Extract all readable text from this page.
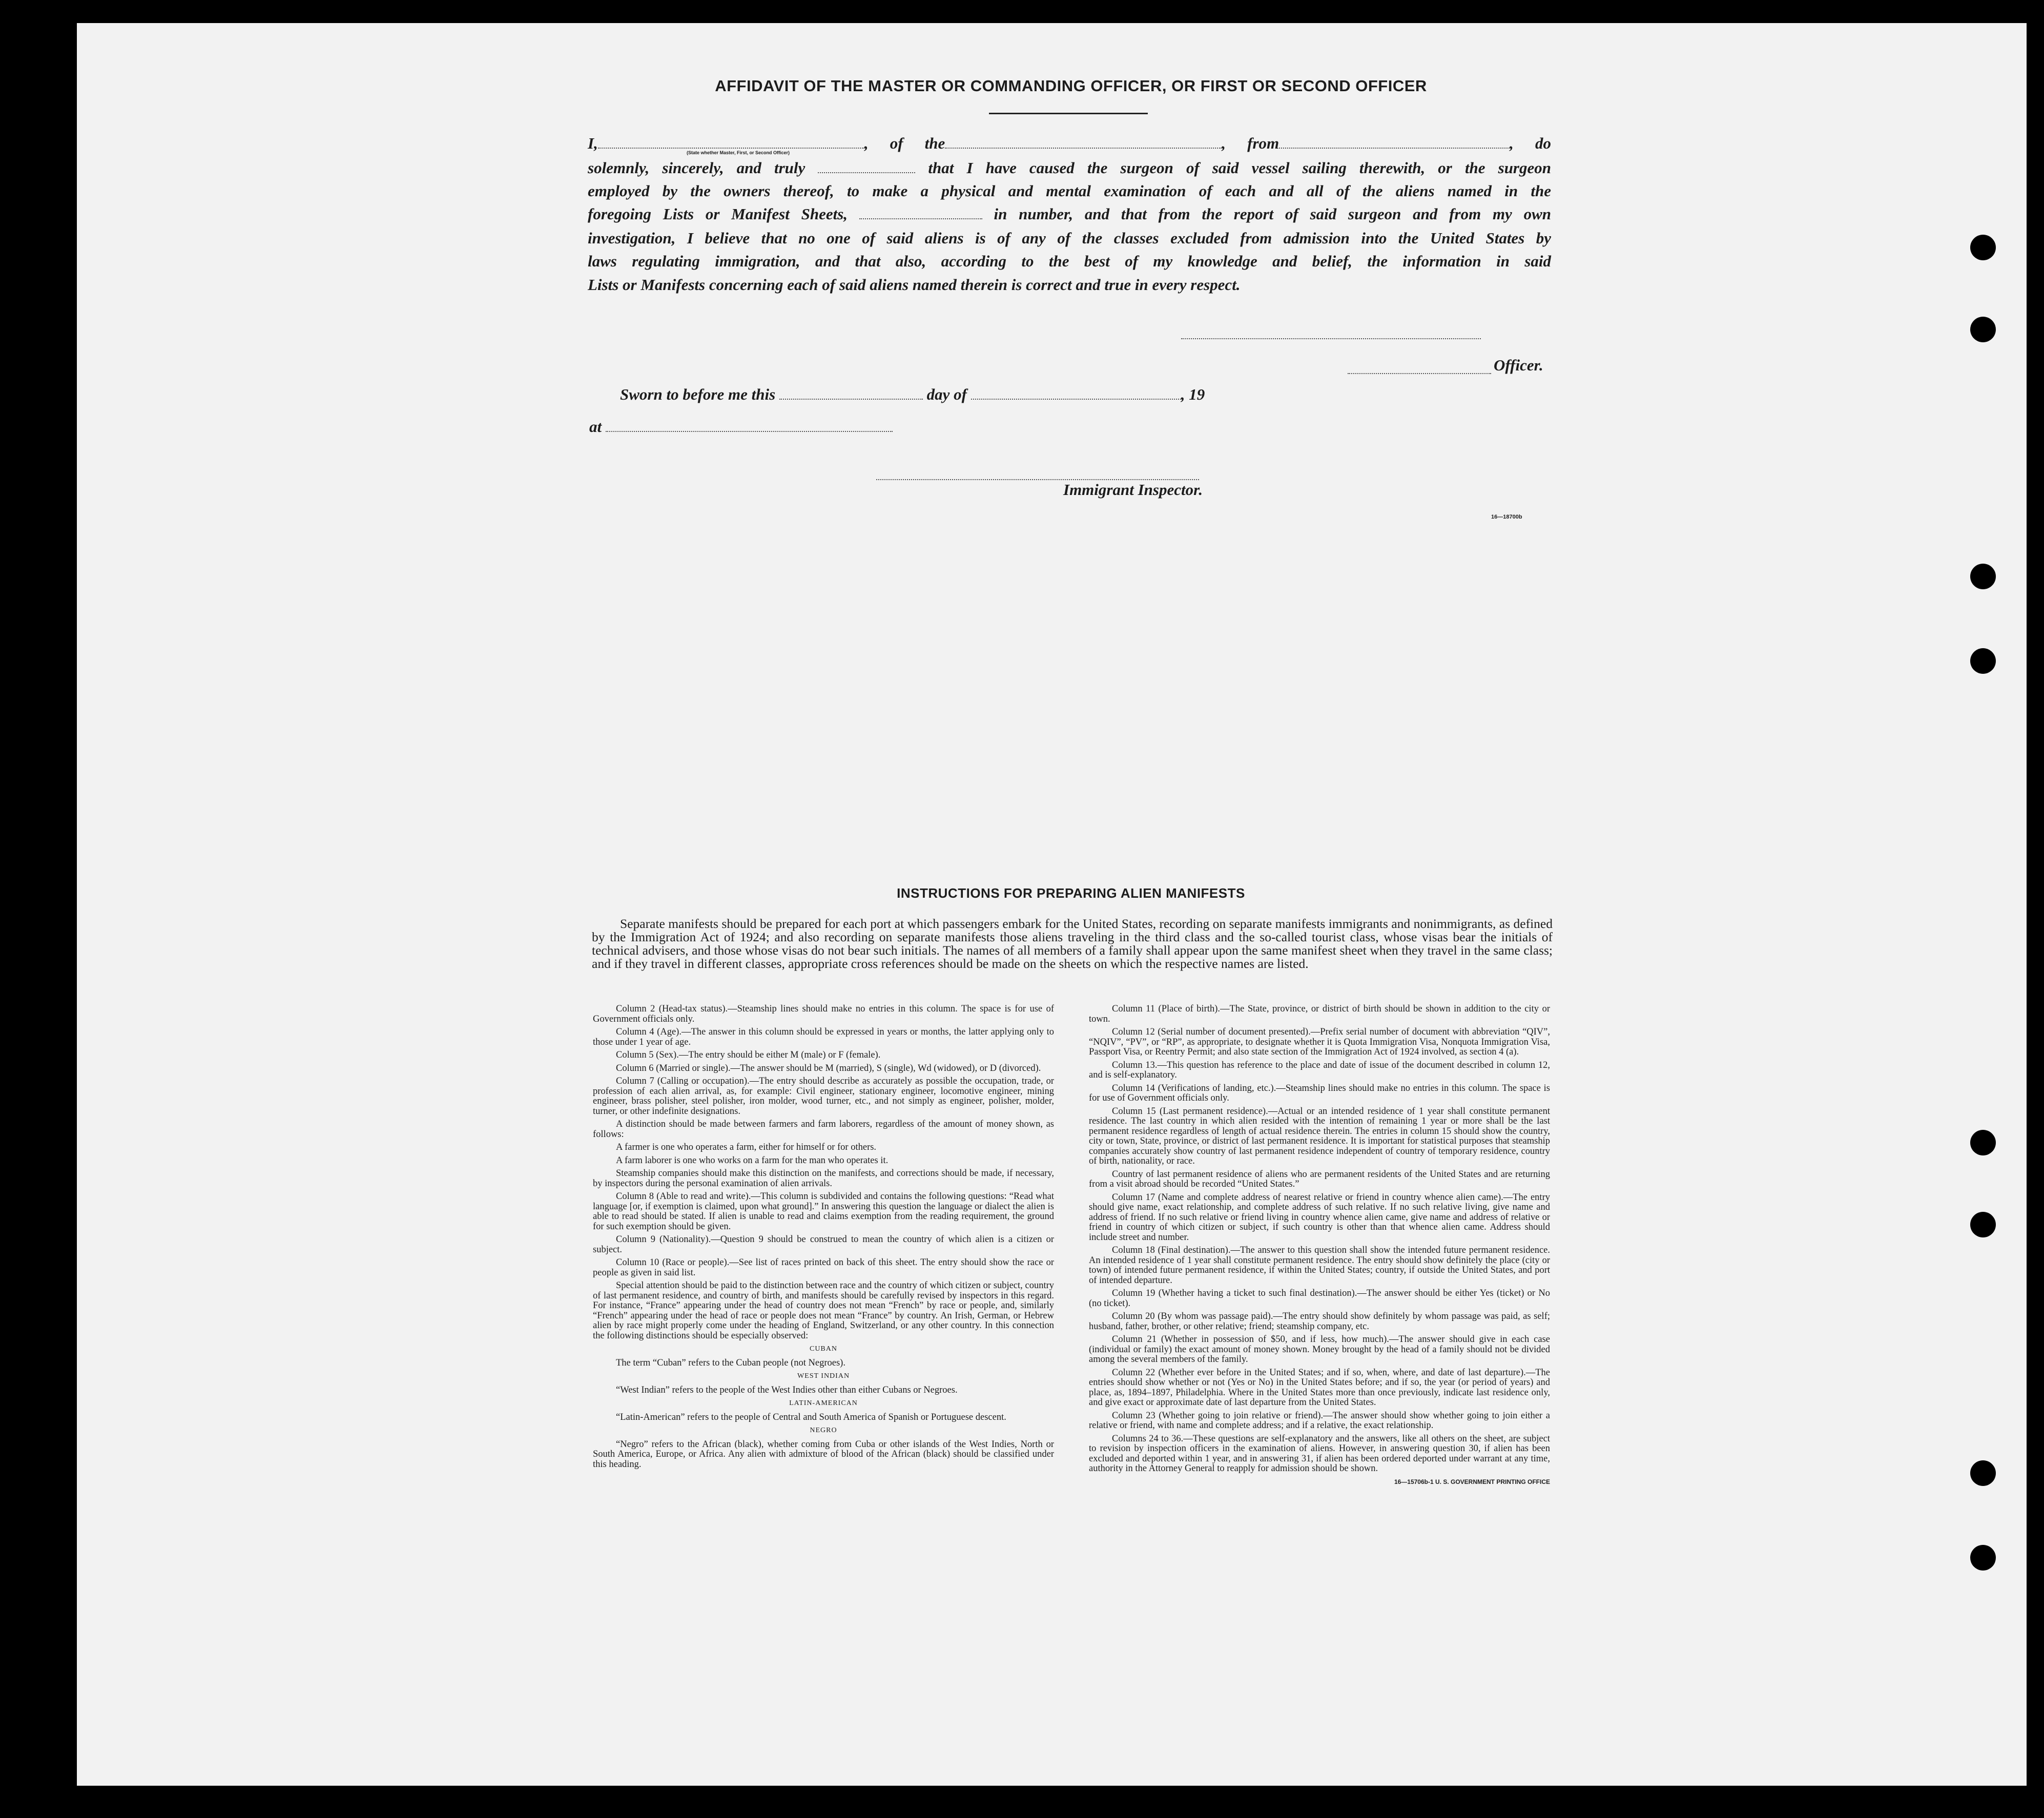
AFFIDAVIT OF THE MASTER OR COMMANDING OFFICER, OR FIRST OR SECOND OFFICER
I,	, of the	, from	, do
(State whether Master, First, or Second Officer)
solemnly, sincerely, and truly	that I have caused the surgeon of said vessel sailing therewith, or the surgeon
employed by the owners thereof, to make a physical and mental examination of each and all of the aliens named in the
foregoing Lists or Manifest Sheets,	in number, and that from the report of said surgeon and from my own
investigation, I believe that no one of said aliens is of any of the classes excluded from admission into the United States by
laws regulating immigration, and that also, according to the best of my knowledge and belief, the information in said
Lists or Manifests concerning each of said aliens named therein is correct and true in every respect.
Officer.
Sworn to before me this	day of	, 19
at
Immigrant Inspector.
16—18700b
INSTRUCTIONS FOR PREPARING ALIEN MANIFESTS

Separate manifests should be prepared for each port at which passengers embark for the United States, recording on separate manifests immigrants and nonimmigrants, as defined by the Immigration Act of 1924; and also recording on separate manifests those aliens traveling in the third class and the so-called tourist class, whose visas bear the initials of technical advisers, and those whose visas do not bear such initials. The names of all members of a family shall appear upon the same manifest sheet when they travel in the same class; and if they travel in different classes, appropriate cross references should be made on the sheets on which the respective names are listed.

Column 2 (Head-tax status).—Steamship lines should make no entries in this column. The space is for use of Government officials only.

Column 4 (Age).—The answer in this column should be expressed in years or months, the latter applying only to those under 1 year of age.

Column 5 (Sex).—The entry should be either M (male) or F (female).

Column 6 (Married or single).—The answer should be M (married), S (single), Wd (widowed), or D (divorced).

Column 7 (Calling or occupation).—The entry should describe as accurately as possible the occupation, trade, or profession of each alien arrival, as, for example: Civil engineer, stationary engineer, locomotive engineer, mining engineer, brass polisher, steel polisher, iron molder, wood turner, etc., and not simply as engineer, polisher, molder, turner, or other indefinite designations.

A distinction should be made between farmers and farm laborers, regardless of the amount of money shown, as follows:

A farmer is one who operates a farm, either for himself or for others.

A farm laborer is one who works on a farm for the man who operates it.

Steamship companies should make this distinction on the manifests, and corrections should be made, if necessary, by inspectors during the personal examination of alien arrivals.

Column 8 (Able to read and write).—This column is subdivided and contains the following questions: “Read what language [or, if exemption is claimed, upon what ground].” In answering this question the language or dialect the alien is able to read should be stated. If alien is unable to read and claims exemption from the reading requirement, the ground for such exemption should be given.

Column 9 (Nationality).—Question 9 should be construed to mean the country of which alien is a citizen or subject.

Column 10 (Race or people).—See list of races printed on back of this sheet. The entry should show the race or people as given in said list.

Special attention should be paid to the distinction between race and the country of which citizen or subject, country of last permanent residence, and country of birth, and manifests should be carefully revised by inspectors in this regard. For instance, “France” appearing under the head of country does not mean “French” by race or people, and, similarly “French” appearing under the head of race or people does not mean “France” by country. An Irish, German, or Hebrew alien by race might properly come under the heading of England, Switzerland, or any other country. In this connection the following distinctions should be especially observed:

CUBAN

The term “Cuban” refers to the Cuban people (not Negroes).

WEST INDIAN

“West Indian” refers to the people of the West Indies other than either Cubans or Negroes.

LATIN-AMERICAN

“Latin-American” refers to the people of Central and South America of Spanish or Portuguese descent.

NEGRO

“Negro” refers to the African (black), whether coming from Cuba or other islands of the West Indies, North or South America, Europe, or Africa. Any alien with admixture of blood of the African (black) should be classified under this heading.

Column 11 (Place of birth).—The State, province, or district of birth should be shown in addition to the city or town.

Column 12 (Serial number of document presented).—Prefix serial number of document with abbreviation “QIV”, “NQIV”, “PV”, or “RP”, as appropriate, to designate whether it is Quota Immigration Visa, Nonquota Immigration Visa, Passport Visa, or Reentry Permit; and also state section of the Immigration Act of 1924 involved, as section 4 (a).

Column 13.—This question has reference to the place and date of issue of the document described in column 12, and is self-explanatory.

Column 14 (Verifications of landing, etc.).—Steamship lines should make no entries in this column. The space is for use of Government officials only.

Column 15 (Last permanent residence).—Actual or an intended residence of 1 year shall constitute permanent residence. The last country in which alien resided with the intention of remaining 1 year or more shall be the last permanent residence regardless of length of actual residence therein. The entries in column 15 should show the country, city or town, State, province, or district of last permanent residence. It is important for statistical purposes that steamship companies accurately show country of last permanent residence independent of country of temporary residence, country of birth, nationality, or race.

Country of last permanent residence of aliens who are permanent residents of the United States and are returning from a visit abroad should be recorded “United States.”

Column 17 (Name and complete address of nearest relative or friend in country whence alien came).—The entry should give name, exact relationship, and complete address of such relative. If no such relative living, give name and address of friend. If no such relative or friend living in country whence alien came, give name and address of relative or friend in country of which citizen or subject, if such country is other than that whence alien came. Address should include street and number.

Column 18 (Final destination).—The answer to this question shall show the intended future permanent residence. An intended residence of 1 year shall constitute permanent residence. The entry should show definitely the place (city or town) of intended future permanent residence, if within the United States; country, if outside the United States, and port of intended departure.

Column 19 (Whether having a ticket to such final destination).—The answer should be either Yes (ticket) or No (no ticket).

Column 20 (By whom was passage paid).—The entry should show definitely by whom passage was paid, as self; husband, father, brother, or other relative; friend; steamship company, etc.

Column 21 (Whether in possession of $50, and if less, how much).—The answer should give in each case (individual or family) the exact amount of money shown. Money brought by the head of a family should not be divided among the several members of the family.

Column 22 (Whether ever before in the United States; and if so, when, where, and date of last departure).—The entries should show whether or not (Yes or No) in the United States before; and if so, the year (or period of years) and place, as, 1894–1897, Philadelphia. Where in the United States more than once previously, indicate last residence only, and give exact or approximate date of last departure from the United States.

Column 23 (Whether going to join relative or friend).—The answer should show whether going to join either a relative or friend, with name and complete address; and if a relative, the exact relationship.

Columns 24 to 36.—These questions are self-explanatory and the answers, like all others on the sheet, are subject to revision by inspection officers in the examination of aliens. However, in answering question 30, if alien has been excluded and deported within 1 year, and in answering 31, if alien has been ordered deported under warrant at any time, authority in the Attorney General to reapply for admission should be shown.

16—15706b-1 U. S. GOVERNMENT PRINTING OFFICE
